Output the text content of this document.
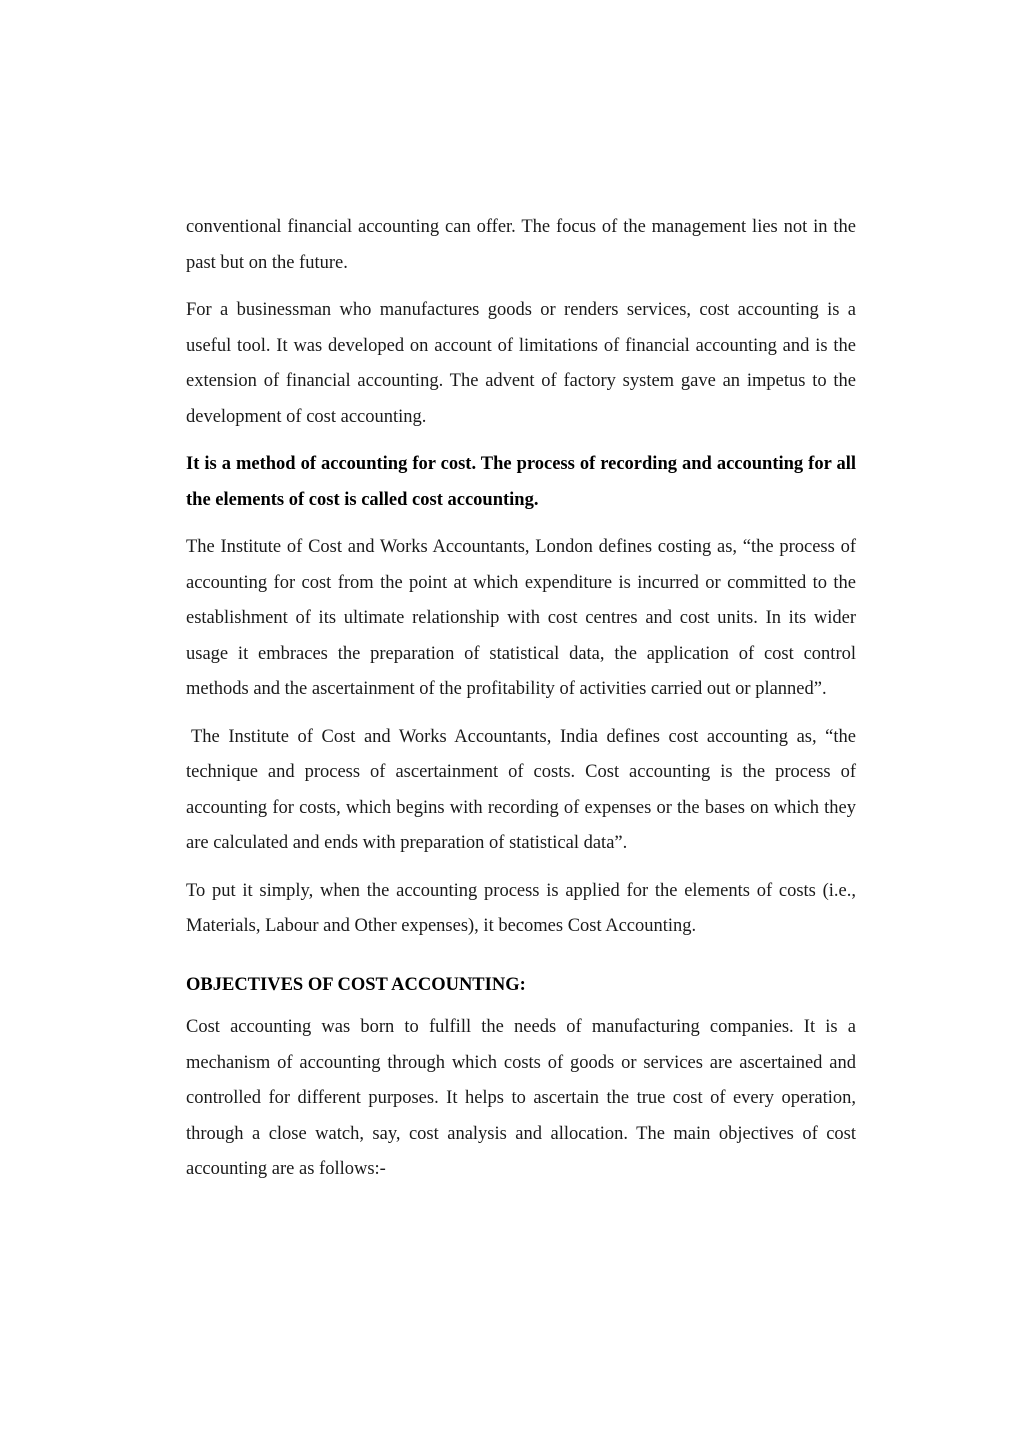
conventional financial accounting can offer. The focus of the management lies not in the past but on the future.

For a businessman who manufactures goods or renders services, cost accounting is a useful tool. It was developed on account of limitations of financial accounting and is the extension of financial accounting. The advent of factory system gave an impetus to the development of cost accounting.

It is a method of accounting for cost. The process of recording and accounting for all the elements of cost is called cost accounting.

The Institute of Cost and Works Accountants, London defines costing as, “the process of accounting for cost from the point at which expenditure is incurred or committed to the establishment of its ultimate relationship with cost centres and cost units. In its wider usage it embraces the preparation of statistical data, the application of cost control methods and the ascertainment of the profitability of activities carried out or planned”.

The Institute of Cost and Works Accountants, India defines cost accounting as, “the technique and process of ascertainment of costs. Cost accounting is the process of accounting for costs, which begins with recording of expenses or the bases on which they are calculated and ends with preparation of statistical data”.

To put it simply, when the accounting process is applied for the elements of costs (i.e., Materials, Labour and Other expenses), it becomes Cost Accounting.

OBJECTIVES OF COST ACCOUNTING:

Cost accounting was born to fulfill the needs of manufacturing companies. It is a mechanism of accounting through which costs of goods or services are ascertained and controlled for different purposes. It helps to ascertain the true cost of every operation, through a close watch, say, cost analysis and allocation. The main objectives of cost accounting are as follows:-
